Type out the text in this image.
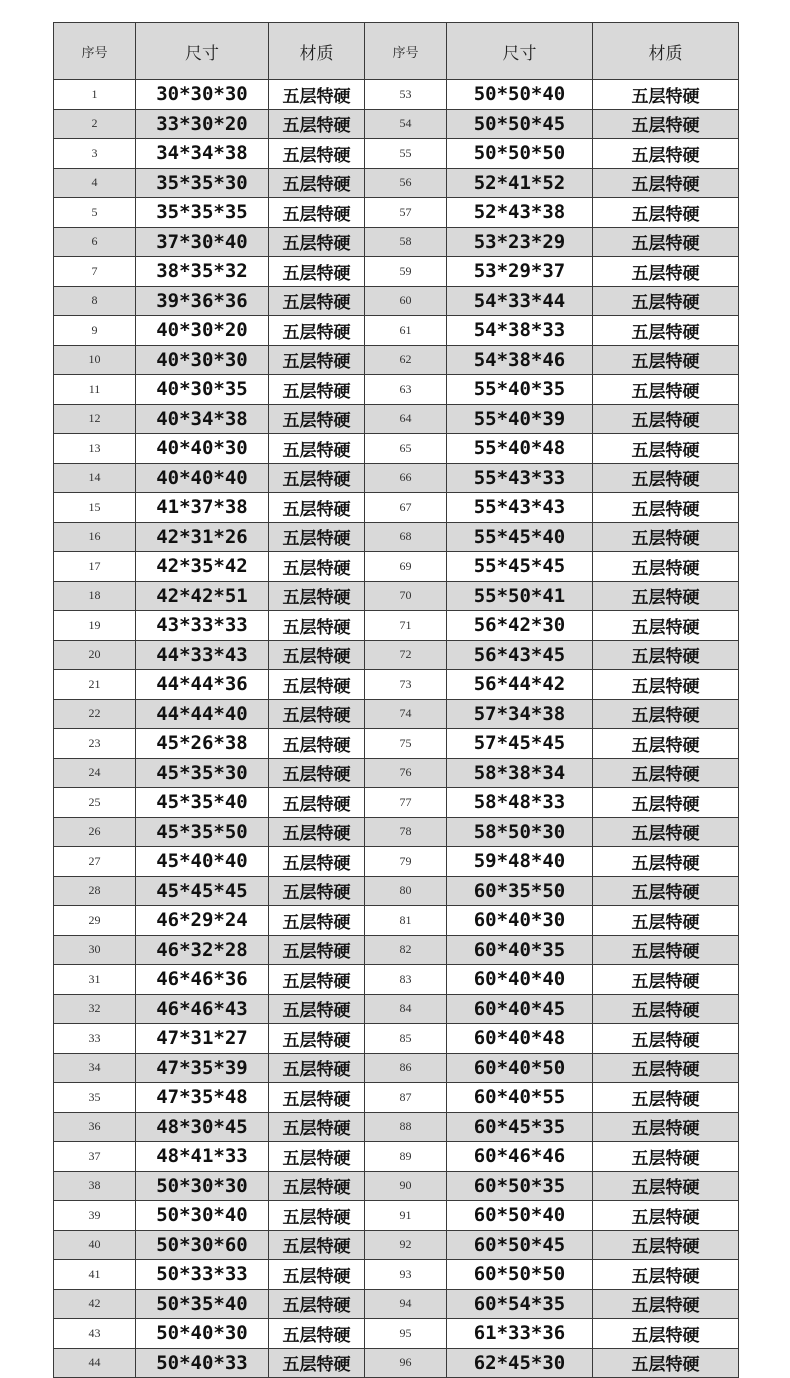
序号	尺寸	材质	序号	尺寸	材质
1	30*30*30	五层特硬	53	50*50*40	五层特硬
2	33*30*20	五层特硬	54	50*50*45	五层特硬
3	34*34*38	五层特硬	55	50*50*50	五层特硬
4	35*35*30	五层特硬	56	52*41*52	五层特硬
5	35*35*35	五层特硬	57	52*43*38	五层特硬
6	37*30*40	五层特硬	58	53*23*29	五层特硬
7	38*35*32	五层特硬	59	53*29*37	五层特硬
8	39*36*36	五层特硬	60	54*33*44	五层特硬
9	40*30*20	五层特硬	61	54*38*33	五层特硬
10	40*30*30	五层特硬	62	54*38*46	五层特硬
11	40*30*35	五层特硬	63	55*40*35	五层特硬
12	40*34*38	五层特硬	64	55*40*39	五层特硬
13	40*40*30	五层特硬	65	55*40*48	五层特硬
14	40*40*40	五层特硬	66	55*43*33	五层特硬
15	41*37*38	五层特硬	67	55*43*43	五层特硬
16	42*31*26	五层特硬	68	55*45*40	五层特硬
17	42*35*42	五层特硬	69	55*45*45	五层特硬
18	42*42*51	五层特硬	70	55*50*41	五层特硬
19	43*33*33	五层特硬	71	56*42*30	五层特硬
20	44*33*43	五层特硬	72	56*43*45	五层特硬
21	44*44*36	五层特硬	73	56*44*42	五层特硬
22	44*44*40	五层特硬	74	57*34*38	五层特硬
23	45*26*38	五层特硬	75	57*45*45	五层特硬
24	45*35*30	五层特硬	76	58*38*34	五层特硬
25	45*35*40	五层特硬	77	58*48*33	五层特硬
26	45*35*50	五层特硬	78	58*50*30	五层特硬
27	45*40*40	五层特硬	79	59*48*40	五层特硬
28	45*45*45	五层特硬	80	60*35*50	五层特硬
29	46*29*24	五层特硬	81	60*40*30	五层特硬
30	46*32*28	五层特硬	82	60*40*35	五层特硬
31	46*46*36	五层特硬	83	60*40*40	五层特硬
32	46*46*43	五层特硬	84	60*40*45	五层特硬
33	47*31*27	五层特硬	85	60*40*48	五层特硬
34	47*35*39	五层特硬	86	60*40*50	五层特硬
35	47*35*48	五层特硬	87	60*40*55	五层特硬
36	48*30*45	五层特硬	88	60*45*35	五层特硬
37	48*41*33	五层特硬	89	60*46*46	五层特硬
38	50*30*30	五层特硬	90	60*50*35	五层特硬
39	50*30*40	五层特硬	91	60*50*40	五层特硬
40	50*30*60	五层特硬	92	60*50*45	五层特硬
41	50*33*33	五层特硬	93	60*50*50	五层特硬
42	50*35*40	五层特硬	94	60*54*35	五层特硬
43	50*40*30	五层特硬	95	61*33*36	五层特硬
44	50*40*33	五层特硬	96	62*45*30	五层特硬
